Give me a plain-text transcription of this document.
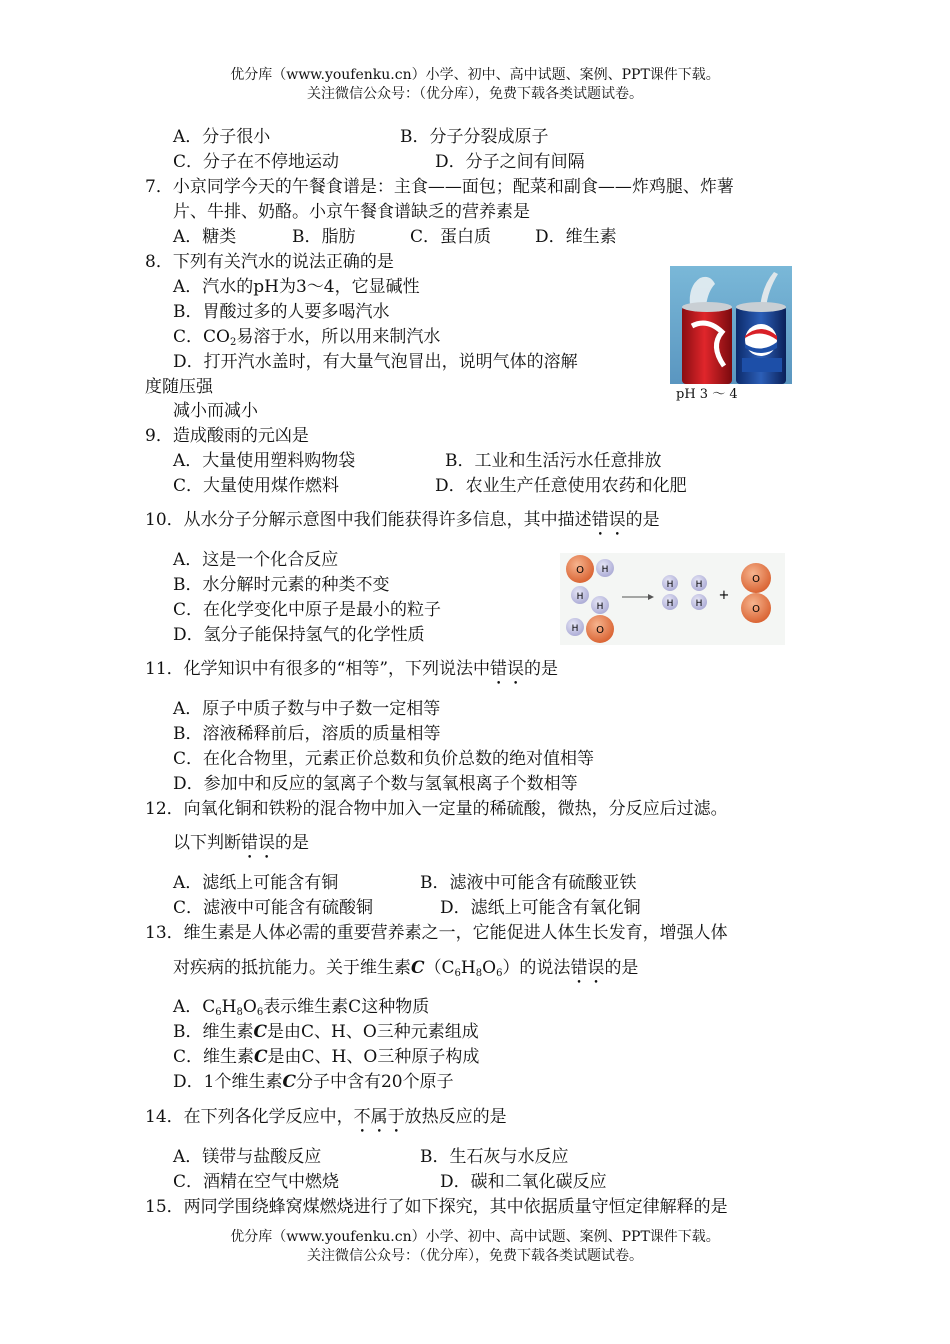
优分库（www.youfenku.cn）小学、初中、高中试题、案例、PPT课件下载。
关注微信公众号：（优分库），免费下载各类试题试卷。
A．分子很小	B．分子分裂成原子
C．分子在不停地运动	D．分子之间有间隔
7．小京同学今天的午餐食谱是：主食——面包；配菜和副食——炸鸡腿、炸薯
片、牛排、奶酪。小京午餐食谱缺乏的营养素是
A．糖类	B．脂肪	C．蛋白质	D．维生素
8．下列有关汽水的说法正确的是
A．汽水的pH为3～4，它显碱性
B．胃酸过多的人要多喝汽水
C．$CO_2$易溶于水，所以用来制汽水
D．打开汽水盖时，有大量气泡冒出，说明气体的溶解
度随压强
减小而减小
pH 3 ～ 4
9．造成酸雨的元凶是
A．大量使用塑料购物袋	B．工业和生活污水任意排放
C．大量使用煤作燃料	D．农业生产任意使用农药和化肥
10．从水分子分解示意图中我们能获得许多信息，其中描述错误的是
A．这是一个化合反应
B．水分解时元素的种类不变
C．在化学变化中原子是最小的粒子
D．氢分子能保持氢气的化学性质
O H
H
H
H O
H
H
H
H
+
O
O
11．化学知识中有很多的“相等”，下列说法中错误的是
A．原子中质子数与中子数一定相等
B．溶液稀释前后，溶质的质量相等
C．在化合物里，元素正价总数和负价总数的绝对值相等
D．参加中和反应的氢离子个数与氢氧根离子个数相等
12．向氧化铜和铁粉的混合物中加入一定量的稀硫酸，微热，分反应后过滤。
以下判断错误的是
A．滤纸上可能含有铜	B．滤液中可能含有硫酸亚铁
C．滤液中可能含有硫酸铜	D．滤纸上可能含有氧化铜
13．维生素是人体必需的重要营养素之一，它能促进人体生长发育，增强人体
对疾病的抵抗能力。关于维生素$C(C_6H_8O_6)$的说法错误的是
A．$C_6H_8O_6$表示维生素C这种物质
B．维生素C是由C、H、O三种元素组成
C．维生素C是由C、H、O三种原子构成
D．1个维生素C分子中含有20个原子
14．在下列各化学反应中，不属于放热反应的是
A．镁带与盐酸反应	B．生石灰与水反应
C．酒精在空气中燃烧	D．碳和二氧化碳反应
15．两同学围绕蜂窝煤燃烧进行了如下探究，其中依据质量守恒定律解释的是
优分库（www.youfenku.cn）小学、初中、高中试题、案例、PPT课件下载。
关注微信公众号：（优分库），免费下载各类试题试卷。
